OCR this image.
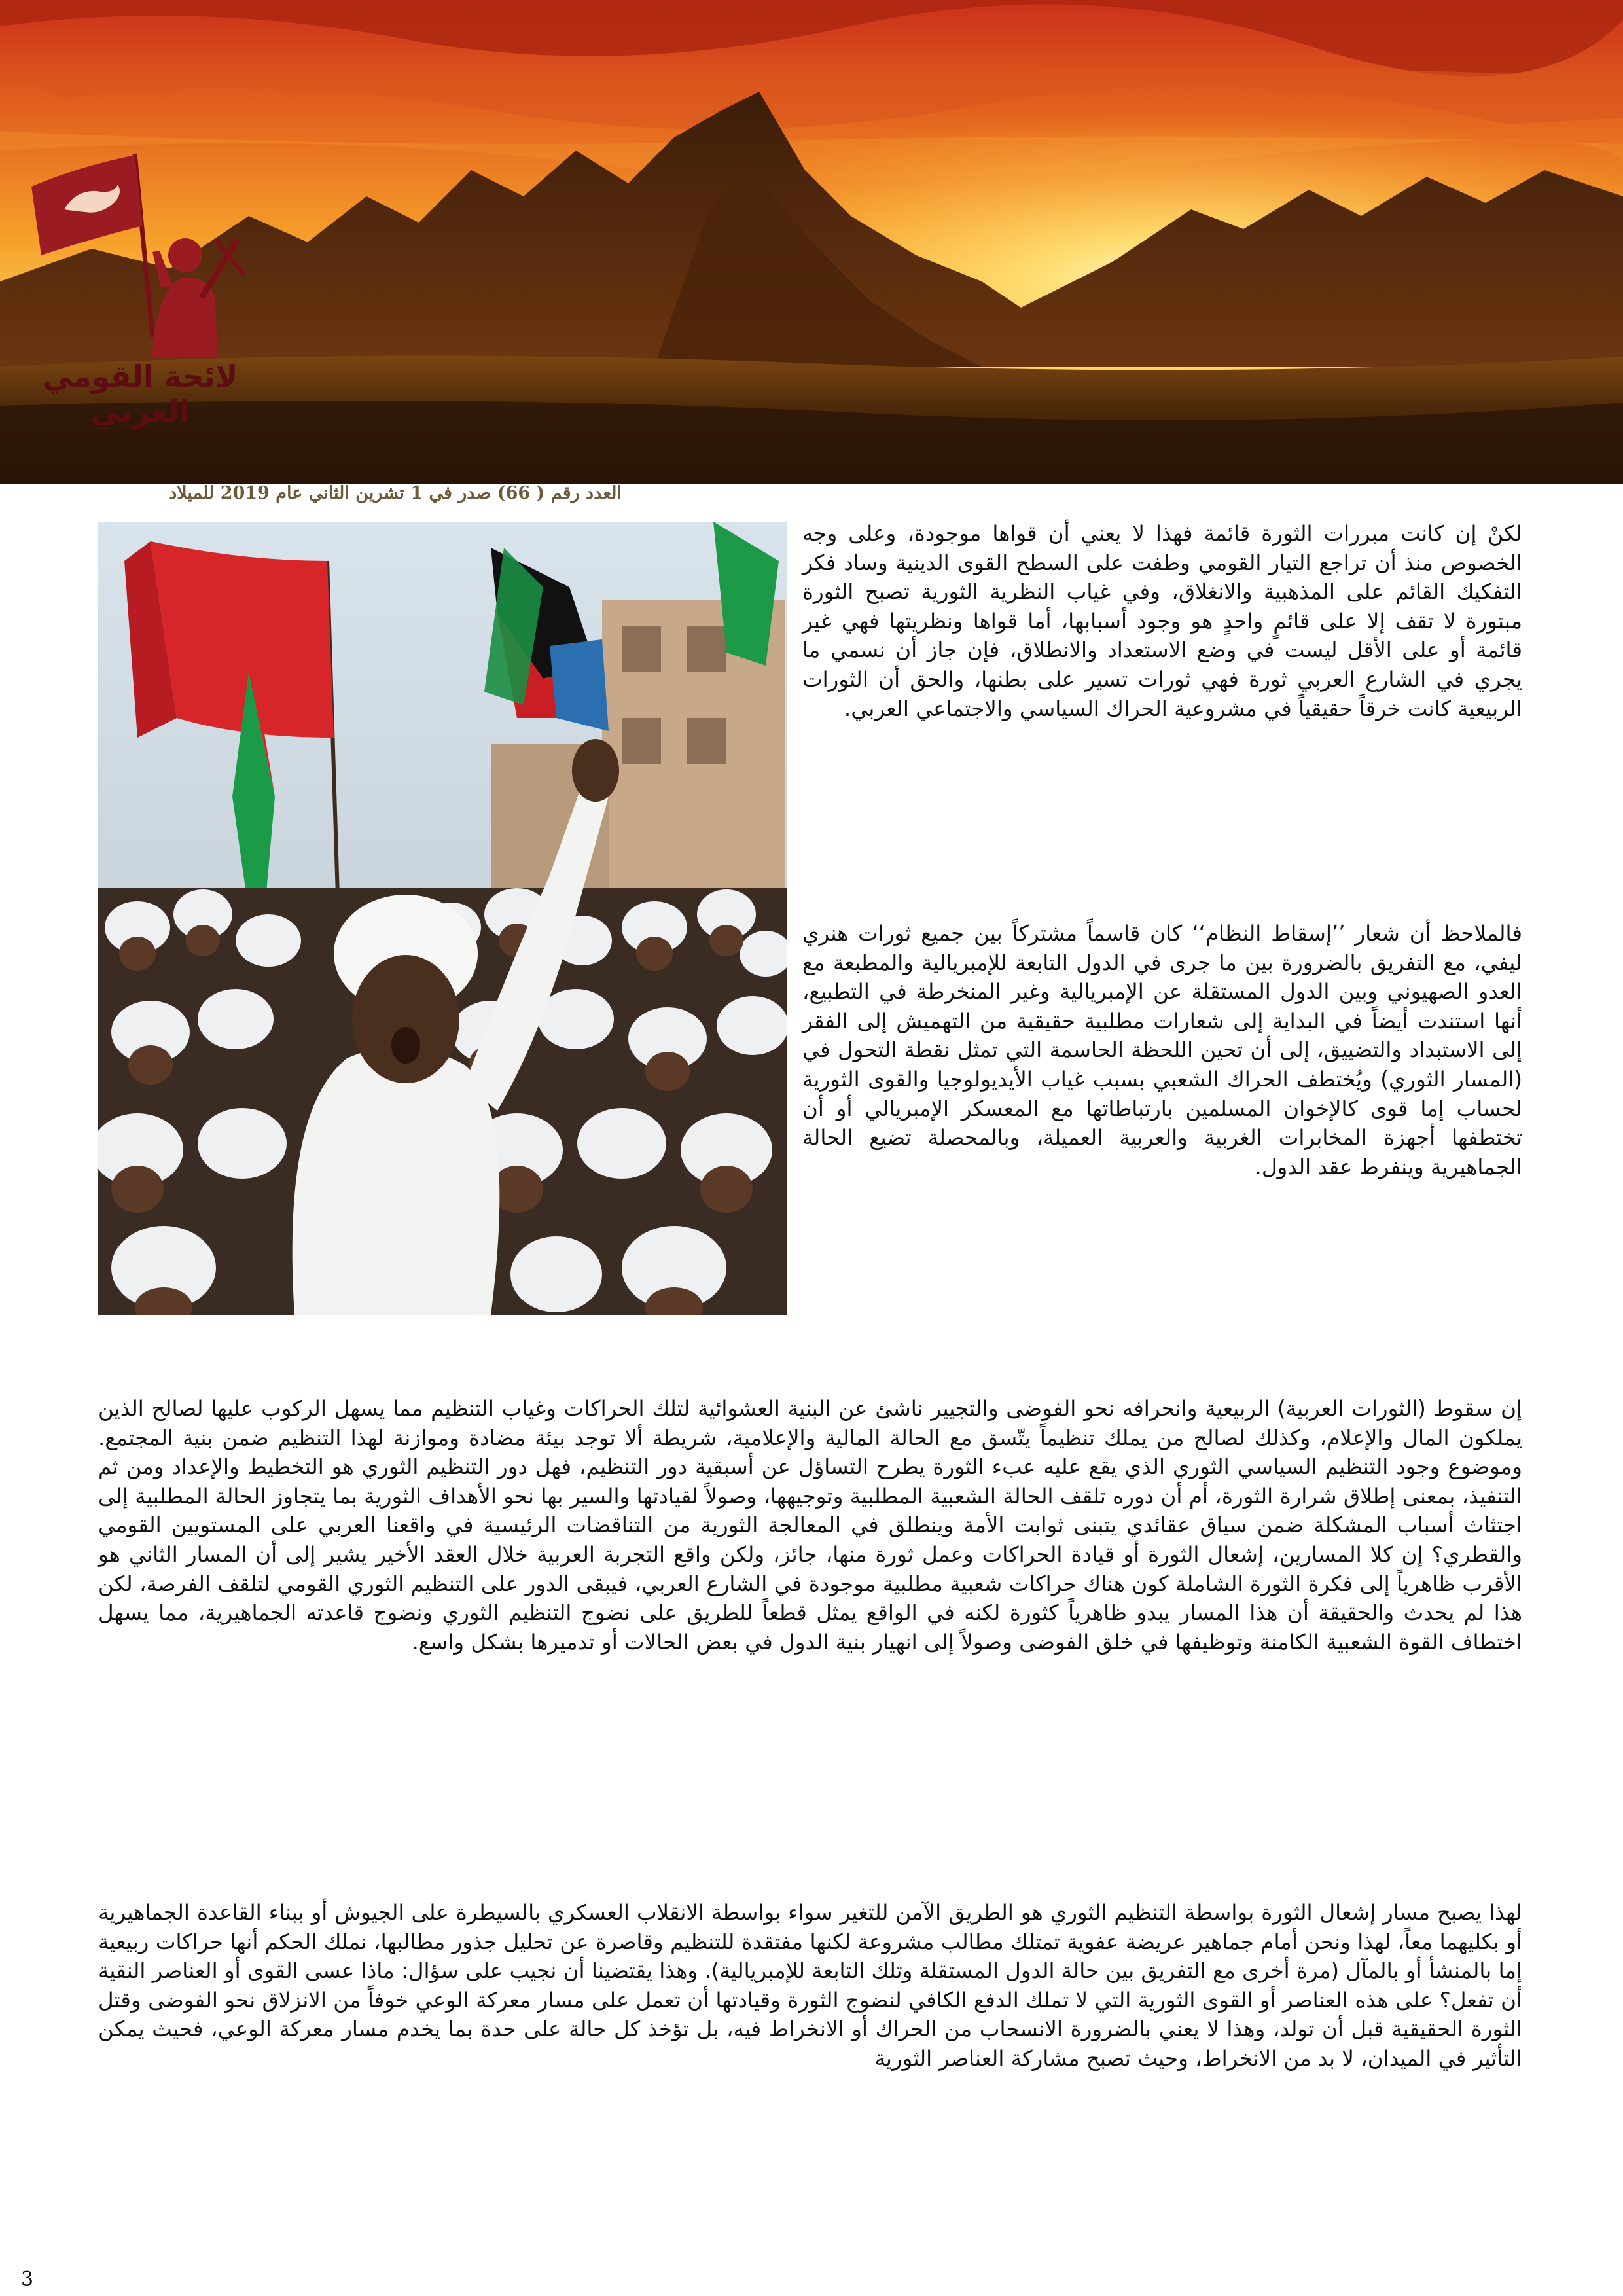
لائحة القومي العربي
العدد رقم ( 66) صدر في 1 تشرين الثاني عام 2019 للميلاد

لكنْ إن كانت مبررات الثورة قائمة فهذا لا يعني أن قواها موجودة، وعلى وجه الخصوص منذ أن تراجع التيار القومي وطفت على السطح القوى الدينية وساد فكر التفكيك القائم على المذهبية والانغلاق، وفي غياب النظرية الثورية تصبح الثورة مبتورة لا تقف إلا على قائمٍ واحدٍ هو وجود أسبابها، أما قواها ونظريتها فهي غير قائمة أو على الأقل ليست في وضع الاستعداد والانطلاق، فإن جاز أن نسمي ما يجري في الشارع العربي ثورة فهي ثورات تسير على بطنها، والحق أن الثورات الربيعية كانت خرقاً حقيقياً في مشروعية الحراك السياسي والاجتماعي العربي.

فالملاحظ أن شعار ’’إسقاط النظام‘‘ كان قاسماً مشتركاً بين جميع ثورات هنري ليفي، مع التفريق بالضرورة بين ما جرى في الدول التابعة للإمبريالية والمطبعة مع العدو الصهيوني وبين الدول المستقلة عن الإمبريالية وغير المنخرطة في التطبيع، أنها استندت أيضاً في البداية إلى شعارات مطلبية حقيقية من التهميش إلى الفقر إلى الاستبداد والتضييق، إلى أن تحين اللحظة الحاسمة التي تمثل نقطة التحول في (المسار الثوري) ويُختطف الحراك الشعبي بسبب غياب الأيديولوجيا والقوى الثورية لحساب إما قوى كالإخوان المسلمين بارتباطاتها مع المعسكر الإمبريالي أو أن تختطفها أجهزة المخابرات الغربية والعربية العميلة، وبالمحصلة تضيع الحالة الجماهيرية وينفرط عقد الدول.

إن سقوط (الثورات العربية) الربيعية وانحرافه نحو الفوضى والتجيير ناشئ عن البنية العشوائية لتلك الحراكات وغياب التنظيم مما يسهل الركوب عليها لصالح الذين يملكون المال والإعلام، وكذلك لصالح من يملك تنظيماً يتّسق مع الحالة المالية والإعلامية، شريطة ألا توجد بيئة مضادة وموازنة لهذا التنظيم ضمن بنية المجتمع. وموضوع وجود التنظيم السياسي الثوري الذي يقع عليه عبء الثورة يطرح التساؤل عن أسبقية دور التنظيم، فهل دور التنظيم الثوري هو التخطيط والإعداد ومن ثم التنفيذ، بمعنى إطلاق شرارة الثورة، أم أن دوره تلقف الحالة الشعبية المطلبية وتوجيهها، وصولاً لقيادتها والسير بها نحو الأهداف الثورية بما يتجاوز الحالة المطلبية إلى اجتثاث أسباب المشكلة ضمن سياق عقائدي يتبنى ثوابت الأمة وينطلق في المعالجة الثورية من التناقضات الرئيسية في واقعنا العربي على المستويين القومي والقطري؟ إن كلا المسارين، إشعال الثورة أو قيادة الحراكات وعمل ثورة منها، جائز، ولكن واقع التجربة العربية خلال العقد الأخير يشير إلى أن المسار الثاني هو الأقرب ظاهرياً إلى فكرة الثورة الشاملة كون هناك حراكات شعبية مطلبية موجودة في الشارع العربي، فيبقى الدور على التنظيم الثوري القومي لتلقف الفرصة، لكن هذا لم يحدث والحقيقة أن هذا المسار يبدو ظاهرياً كثورة لكنه في الواقع يمثل قطعاً للطريق على نضوج التنظيم الثوري ونضوج قاعدته الجماهيرية، مما يسهل اختطاف القوة الشعبية الكامنة وتوظيفها في خلق الفوضى وصولاً إلى انهيار بنية الدول في بعض الحالات أو تدميرها بشكل واسع.

لهذا يصبح مسار إشعال الثورة بواسطة التنظيم الثوري هو الطريق الآمن للتغير سواء بواسطة الانقلاب العسكري بالسيطرة على الجيوش أو ببناء القاعدة الجماهيرية أو بكليهما معاً، لهذا ونحن أمام جماهير عريضة عفوية تمتلك مطالب مشروعة لكنها مفتقدة للتنظيم وقاصرة عن تحليل جذور مطالبها، نملك الحكم أنها حراكات ربيعية إما بالمنشأ أو بالمآل (مرة أخرى مع التفريق بين حالة الدول المستقلة وتلك التابعة للإمبريالية). وهذا يقتضينا أن نجيب على سؤال: ماذا عسى القوى أو العناصر النقية أن تفعل؟ على هذه العناصر أو القوى الثورية التي لا تملك الدفع الكافي لنضوج الثورة وقيادتها أن تعمل على مسار معركة الوعي خوفاً من الانزلاق نحو الفوضى وقتل الثورة الحقيقية قبل أن تولد، وهذا لا يعني بالضرورة الانسحاب من الحراك أو الانخراط فيه، بل تؤخذ كل حالة على حدة بما يخدم مسار معركة الوعي، فحيث يمكن التأثير في الميدان، لا بد من الانخراط، وحيث تصبح مشاركة العناصر الثورية

3
